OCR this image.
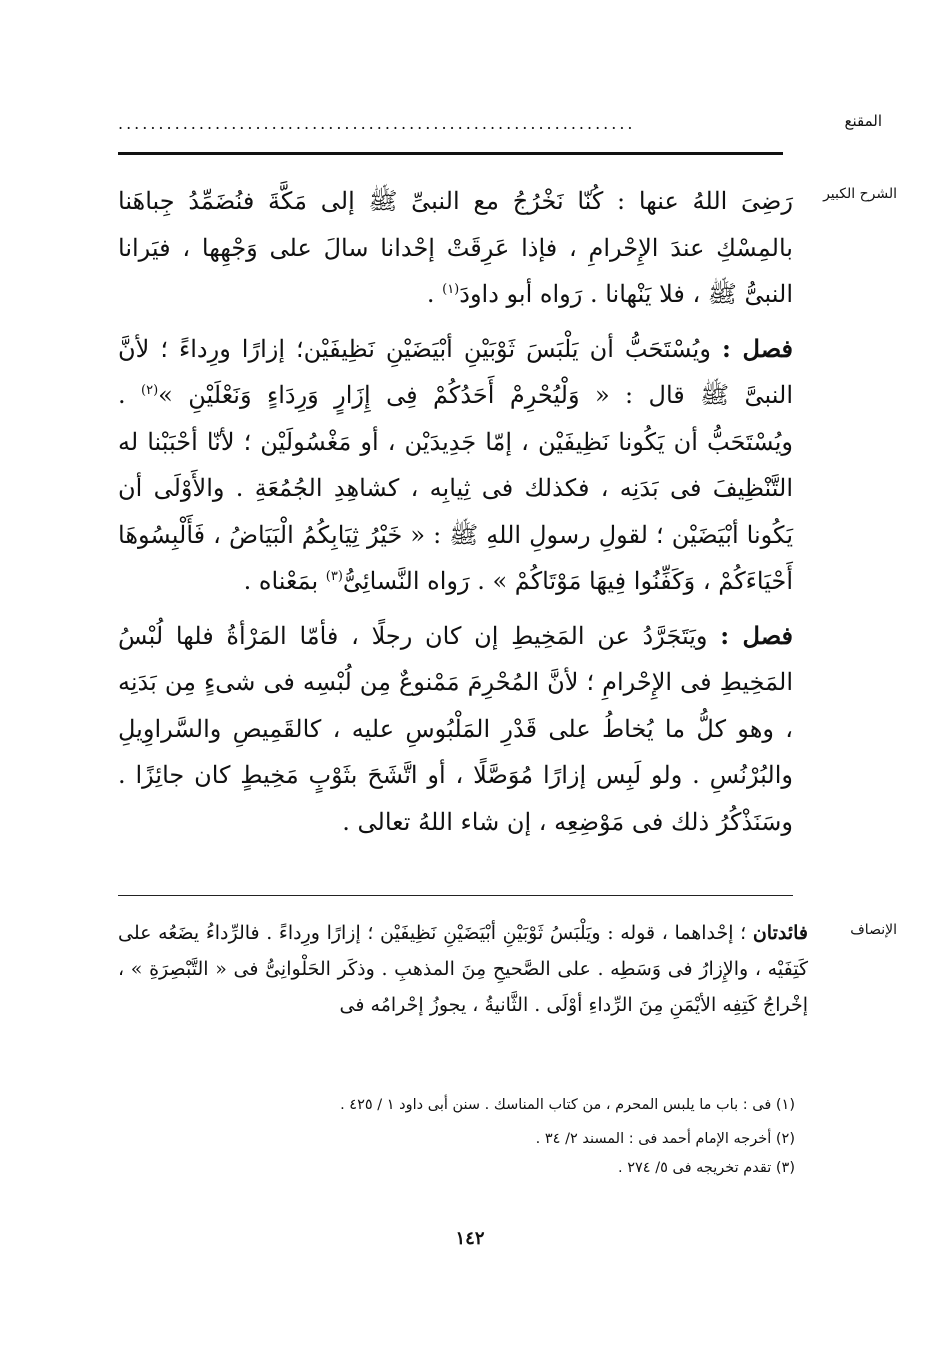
المقنع
................................................................
الشرح الكبير

رَضِىَ اللهُ عنها : كُنّا نَخْرُجُ مع النبىِّ ﷺ إلى مَكَّةَ فنُضَمِّدُ جِباهَنا بالمِسْكِ عندَ الإِحْرامِ ، فإذا عَرِقَتْ إحْدانا سالَ على وَجْهِها ، فيَرانا النبىُّ ﷺ ، فلا يَنْهانا . رَواه أبو داودَ$^{(١)}$ .

فصل : ويُسْتَحَبُّ أن يَلْبَسَ ثَوْبَيْنِ أبْيَضَيْنِ نَظِيفَيْن؛ إزارًا ورِداءً ؛ لأنَّ النبىَّ ﷺ قال : « وَلْيُحْرِمْ أَحَدُكُمْ فِى إِزَارٍ وَرِدَاءٍ وَنَعْلَيْنِ »$^{(٢)}$ . ويُسْتَحَبُّ أن يَكُونا نَظِيفَيْن ، إمّا جَدِيدَيْن ، أو مَغْسُولَيْن ؛ لأنّا أحْبَبْنا له التَّنْظِيفَ فى بَدَنِه ، فكذلك فى ثِيابِه ، كشاهِدِ الجُمُعَةِ . والأَوْلَى أن يَكُونا أبْيَضَيْن ؛ لقولِ رسولِ اللهِ ﷺ : « خَيْرُ ثِيَابِكُمُ الْبَيَاضُ ، فَأَلْبِسُوهَا أَحْيَاءَكُمْ ، وَكَفِّنُوا فِيهَا مَوْتَاكُمْ » . رَواه النَّسائِىُّ$^{(٣)}$ بمَعْناه .

فصل : ويَتَجَرَّدُ عن المَخِيطِ إن كان رجلًا ، فأمّا المَرْأةُ فلها لُبْسُ المَخِيطِ فى الإِحْرامِ ؛ لأنَّ المُحْرِمَ مَمْنوعٌ مِن لُبْسِه فى شىءٍ مِن بَدَنِه ، وهو كلُّ ما يُخاطُ على قَدْرِ المَلْبُوسِ عليه ، كالقَمِيصِ والسَّراوِيلِ والبُرْنُسِ . ولو لَبِس إزارًا مُوَصَّلًا ، أو اتَّشَحَ بثَوْبٍ مَخِيطٍ كان جائِزًا . وسَنَذْكُرُ ذلك فى مَوْضِعِه ، إن شاء اللهُ تعالى .

الإنصاف

فائدتان ؛ إحْداهما ، قوله : ويَلْبَسُ ثَوْبَيْنِ أبْيَضَيْنِ نَظِيفَيْن ؛ إزارًا ورِداءً . فالرِّداءُ يضَعُه على كَتِفَيْه ، والإِزارُ فى وَسَطِه . على الصَّحيحِ مِنَ المذهبِ . وذكَر الحَلْوانِىُّ فى « التَّبْصِرَةِ » ، إخْراجُ كَتِفِه الأيْمَنِ مِنَ الرِّداءِ أوْلَى . الثَّانيةُ ، يجوزُ إحْرامُه فى

(١) فى : باب ما يلبس المحرم ، من كتاب المناسك . سنن أبى داود ١ / ٤٢٥ .

(٢) أخرجه الإمام أحمد فى : المسند ٢/ ٣٤ .

(٣) تقدم تخريجه فى ٥/ ٢٧٤ .

١٤٢
